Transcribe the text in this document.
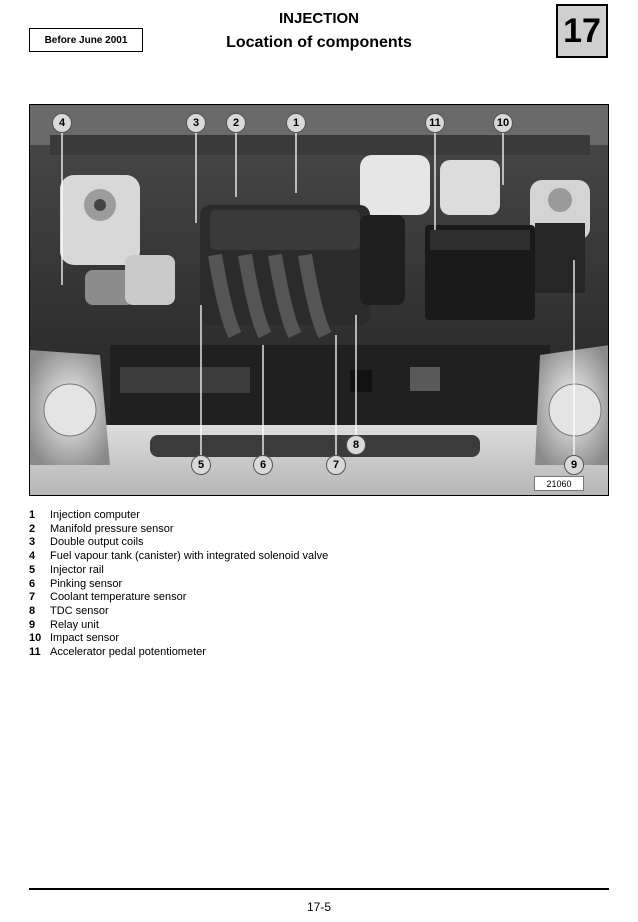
Before June 2001
INJECTION
Location of components	17
4	3	2	1	11	10
5	6	7
8
9
21060
1	Injection computer
2	Manifold pressure sensor
3	Double output coils
4	Fuel vapour tank (canister) with integrated solenoid valve
5	Injector rail
6	Pinking sensor
7	Coolant temperature sensor
8	TDC sensor
9	Relay unit
10 Impact sensor
11 Accelerator pedal potentiometer
17-5
